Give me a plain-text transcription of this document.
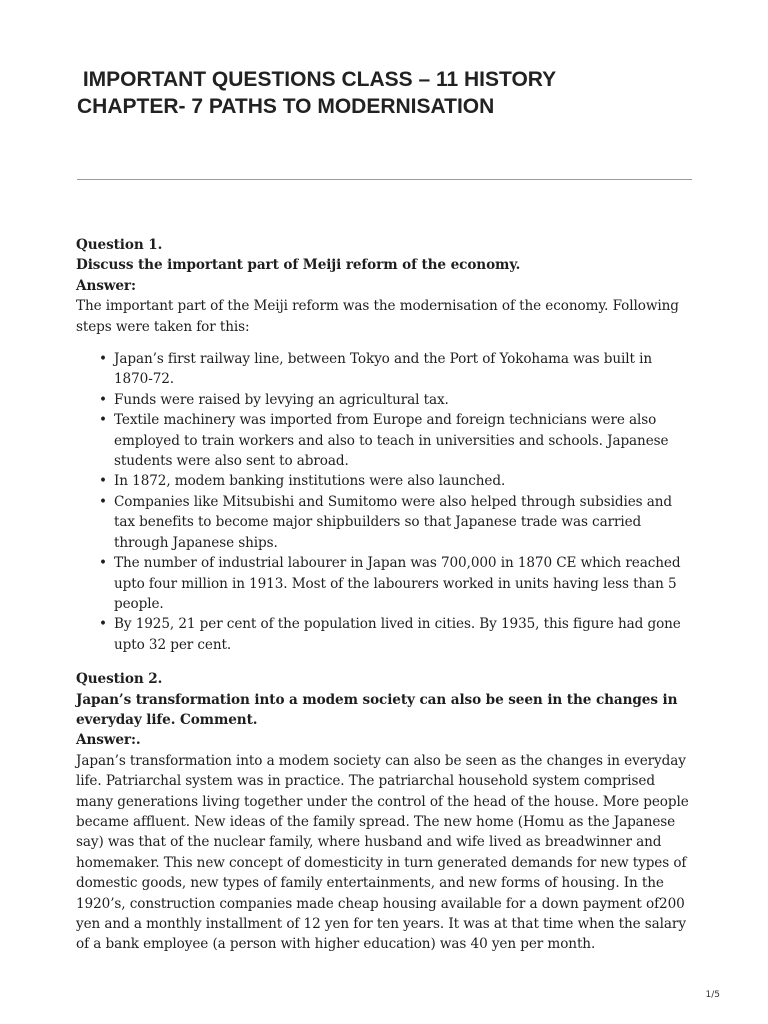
IMPORTANT QUESTIONS CLASS – 11 HISTORY
CHAPTER- 7 PATHS TO MODERNISATION
Question 1.
Discuss the important part of Meiji reform of the economy.
Answer:

The important part of the Meiji reform was the modernisation of the economy. Following steps were taken for this:

• Japan’s first railway line, between Tokyo and the Port of Yokohama was built in 1870-72.
• Funds were raised by levying an agricultural tax.
• Textile machinery was imported from Europe and foreign technicians were also employed to train workers and also to teach in universities and schools. Japanese students were also sent to abroad.
• In 1872, modem banking institutions were also launched.
• Companies like Mitsubishi and Sumitomo were also helped through subsidies and tax benefits to become major shipbuilders so that Japanese trade was carried through Japanese ships.
• The number of industrial labourer in Japan was 700,000 in 1870 CE which reached upto four million in 1913. Most of the labourers worked in units having less than 5 people.
• By 1925, 21 per cent of the population lived in cities. By 1935, this figure had gone upto 32 per cent.
Question 2.
Japan’s transformation into a modem society can also be seen in the changes in everyday life. Comment.
Answer:.

Japan’s transformation into a modem society can also be seen as the changes in everyday life. Patriarchal system was in practice. The patriarchal household system comprised many generations living together under the control of the head of the house. More people became affluent. New ideas of the family spread. The new home (Homu as the Japanese say) was that of the nuclear family, where husband and wife lived as breadwinner and homemaker. This new concept of domesticity in turn generated demands for new types of domestic goods, new types of family entertainments, and new forms of housing. In the 1920’s, construction companies made cheap housing available for a down payment of200 yen and a monthly installment of 12 yen for ten years. It was at that time when the salary of a bank employee (a person with higher education) was 40 yen per month.

1/5
